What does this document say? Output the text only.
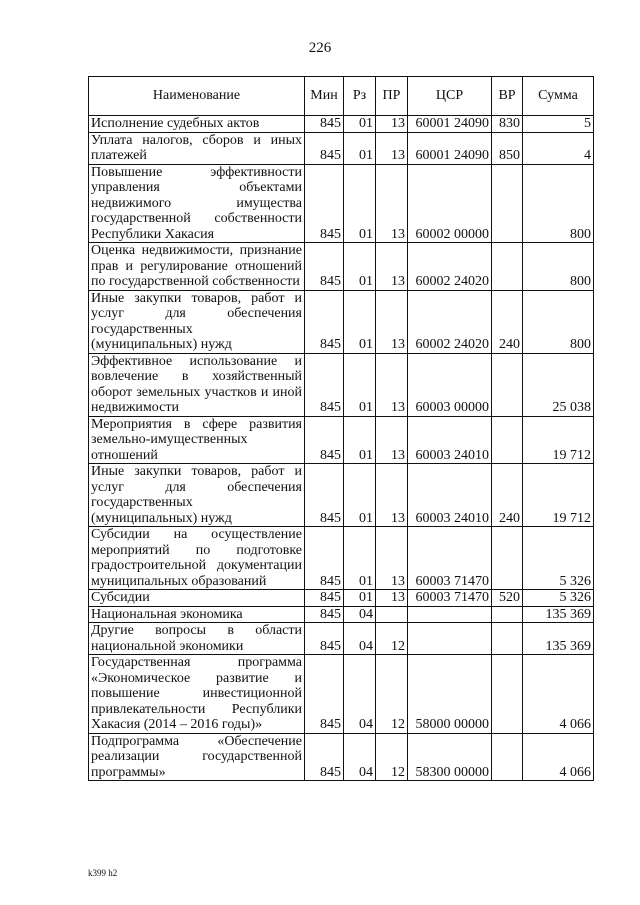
226
Наименование	Мин	Рз	ПР	ЦСР	ВР	Сумма
Исполнение судебных актов	845	01	13	60001 24090	830	5
Уплата налогов, сборов и иных платежей	845	01	13	60001 24090	850	4
Повышение эффективности управления объектами недвижимого имущества государственной собственности Республики Хакасия	845	01	13	60002 00000		800
Оценка недвижимости, признание прав и регулирование отношений по государственной собственности	845	01	13	60002 24020		800
Иные закупки товаров, работ и услуг для обеспечения государственных (муниципальных) нужд	845	01	13	60002 24020	240	800
Эффективное использование и вовлечение в хозяйственный оборот земельных участков и иной недвижимости	845	01	13	60003 00000		25 038
Мероприятия в сфере развития земельно-имущественных отношений	845	01	13	60003 24010		19 712
Иные закупки товаров, работ и услуг для обеспечения государственных (муниципальных) нужд	845	01	13	60003 24010	240	19 712
Субсидии на осуществление мероприятий по подготовке градостроительной документации муниципальных образований	845	01	13	60003 71470		5 326
Субсидии	845	01	13	60003 71470	520	5 326
Национальная экономика	845	04				135 369
Другие вопросы в области национальной экономики	845	04	12			135 369
Государственная программа «Экономическое развитие и повышение инвестиционной привлекательности Республики Хакасия (2014 – 2016 годы)»	845	04	12	58000 00000		4 066
Подпрограмма «Обеспечение реализации государственной программы»	845	04	12	58300 00000		4 066
k399 h2
